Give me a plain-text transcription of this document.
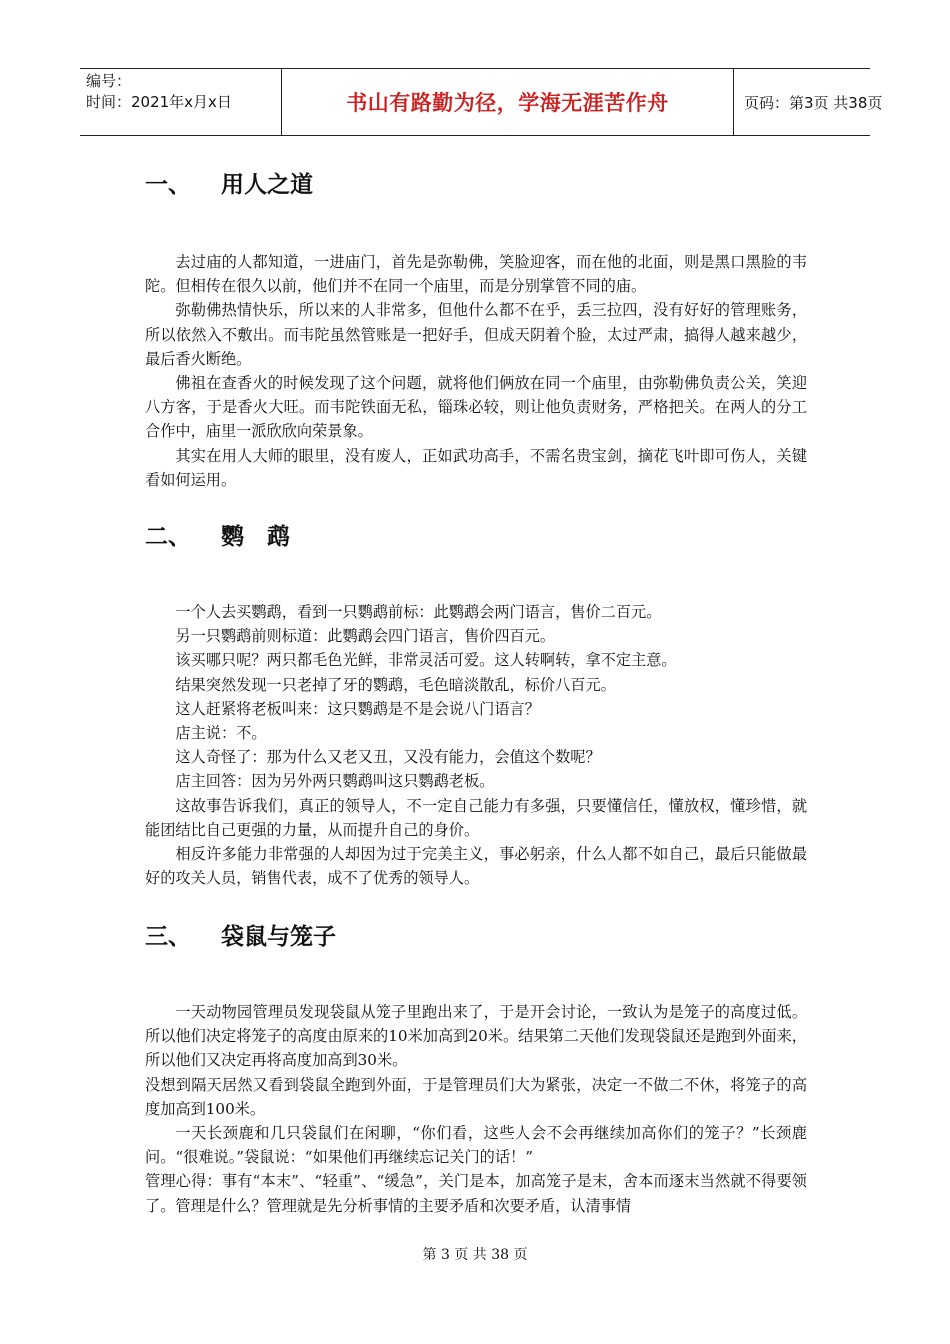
编号：
时间：2021年x月x日	书山有路勤为径，学海无涯苦作舟	页码：第3页 共38页
一、 用人之道

去过庙的人都知道，一进庙门，首先是弥勒佛，笑脸迎客，而在他的北面，则是黑口黑脸的韦陀。但相传在很久以前，他们并不在同一个庙里，而是分别掌管不同的庙。

弥勒佛热情快乐，所以来的人非常多，但他什么都不在乎，丢三拉四，没有好好的管理账务，所以依然入不敷出。而韦陀虽然管账是一把好手，但成天阴着个脸，太过严肃，搞得人越来越少，最后香火断绝。

佛祖在查香火的时候发现了这个问题，就将他们俩放在同一个庙里，由弥勒佛负责公关，笑迎八方客，于是香火大旺。而韦陀铁面无私，锱珠必较，则让他负责财务，严格把关。在两人的分工合作中，庙里一派欣欣向荣景象。

其实在用人大师的眼里，没有废人，正如武功高手，不需名贵宝剑，摘花飞叶即可伤人，关键看如何运用。

二、 鹦　鹉

一个人去买鹦鹉，看到一只鹦鹉前标：此鹦鹉会两门语言，售价二百元。

另一只鹦鹉前则标道：此鹦鹉会四门语言，售价四百元。

该买哪只呢？两只都毛色光鲜，非常灵活可爱。这人转啊转，拿不定主意。

结果突然发现一只老掉了牙的鹦鹉，毛色暗淡散乱，标价八百元。

这人赶紧将老板叫来：这只鹦鹉是不是会说八门语言？

店主说：不。

这人奇怪了：那为什么又老又丑，又没有能力，会值这个数呢？

店主回答：因为另外两只鹦鹉叫这只鹦鹉老板。

这故事告诉我们，真正的领导人，不一定自己能力有多强，只要懂信任，懂放权，懂珍惜，就能团结比自己更强的力量，从而提升自己的身价。

相反许多能力非常强的人却因为过于完美主义，事必躬亲，什么人都不如自己，最后只能做最好的攻关人员，销售代表，成不了优秀的领导人。

三、 袋鼠与笼子

一天动物园管理员发现袋鼠从笼子里跑出来了，于是开会讨论，一致认为是笼子的高度过低。所以他们决定将笼子的高度由原来的10米加高到20米。结果第二天他们发现袋鼠还是跑到外面来，所以他们又决定再将高度加高到30米。

没想到隔天居然又看到袋鼠全跑到外面，于是管理员们大为紧张，决定一不做二不休，将笼子的高度加高到100米。

一天长颈鹿和几只袋鼠们在闲聊，“你们看，这些人会不会再继续加高你们的笼子？”长颈鹿问。“很难说。”袋鼠说：“如果他们再继续忘记关门的话！”

管理心得：事有“本末”、“轻重”、“缓急”，关门是本，加高笼子是末，舍本而逐末当然就不得要领了。管理是什么？管理就是先分析事情的主要矛盾和次要矛盾，认清事情

第 3 页 共 38 页
